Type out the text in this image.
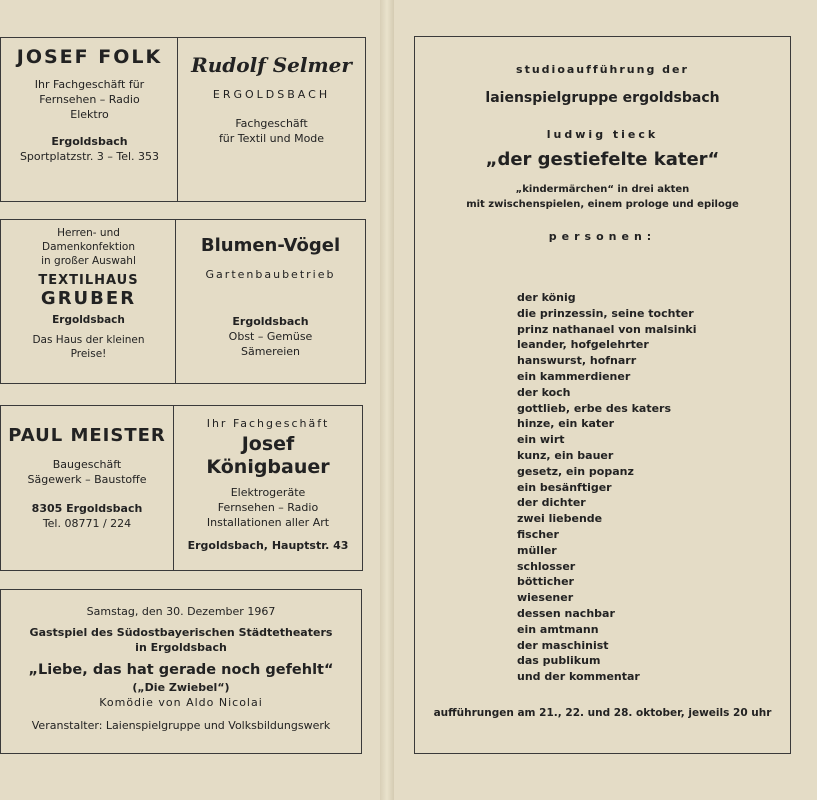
JOSEF FOLK
Ihr Fachgeschäft für
Fernsehen – Radio
Elektro
Ergoldsbach
Sportplatzstr. 3 – Tel. 353
Rudolf Selmer
ERGOLDSBACH
Fachgeschäft
für Textil und Mode
Herren- und
Damenkonfektion
in großer Auswahl
TEXTILHAUS
GRUBER
Ergoldsbach
Das Haus der kleinen
Preise!
Blumen-Vögel
Gartenbaubetrieb
Ergoldsbach
Obst – Gemüse
Sämereien
PAUL MEISTER
Baugeschäft
Sägewerk – Baustoffe
8305 Ergoldsbach
Tel. 08771 / 224
Ihr Fachgeschäft
Josef
Königbauer
Elektrogeräte
Fernsehen – Radio
Installationen aller Art
Ergoldsbach, Hauptstr. 43
Samstag, den 30. Dezember 1967
Gastspiel des Südostbayerischen Städtetheaters
in Ergoldsbach
„Liebe, das hat gerade noch gefehlt“
(„Die Zwiebel“)
Komödie von Aldo Nicolai
Veranstalter: Laienspielgruppe und Volksbildungswerk
studioaufführung der
laienspielgruppe ergoldsbach
ludwig tieck
„der gestiefelte kater“
„kindermärchen“ in drei akten
mit zwischenspielen, einem prologe und epiloge
personen:
aufführungen am 21., 22. und 28. oktober, jeweils 20 uhr
der könig
die prinzessin, seine tochter
prinz nathanael von malsinki
leander, hofgelehrter
hanswurst, hofnarr
ein kammerdiener
der koch
gottlieb, erbe des katers
hinze, ein kater
ein wirt
kunz, ein bauer
gesetz, ein popanz
ein besänftiger
der dichter
zwei liebende
fischer
müller
schlosser
bötticher
wiesener
dessen nachbar
ein amtmann
der maschinist
das publikum
und der kommentar
